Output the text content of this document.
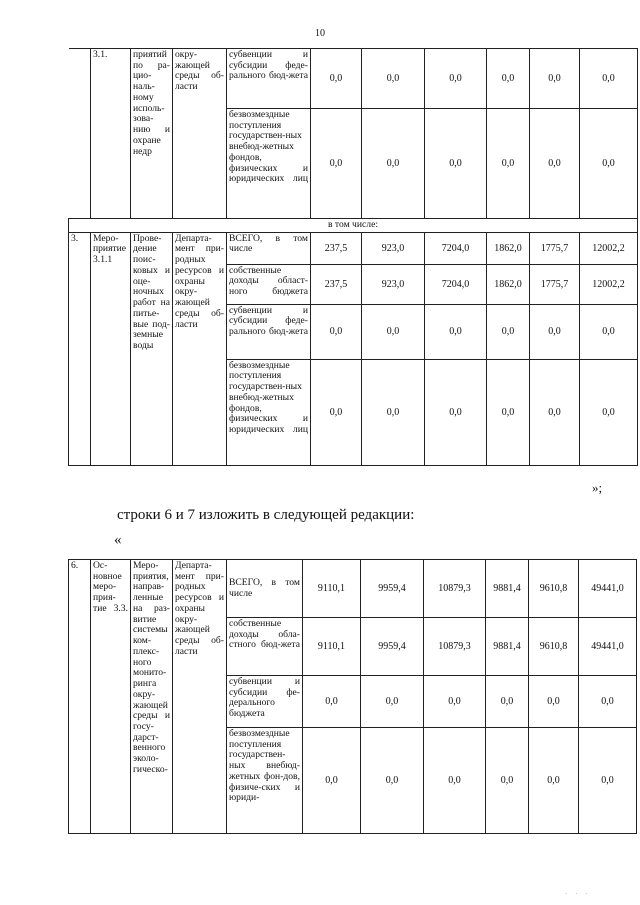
10
	3.1.	приятий по ра-цио-наль-ному исполь-зова-нию и охране недр	окру-жающей среды об-ласти	субвенции и субсидии феде-рального бюд-жета	0,0	0,0	0,0	0,0	0,0	0,0
				безвозмездные поступления государствен-ных внебюд-жетных фондов, физических и юридических лиц	0,0	0,0	0,0	0,0	0,0	0,0
в том числе:										
3.	Меро-приятие 3.1.1	Прове-дение поис-ковых и оце-ночных работ на питье-вые под-земные воды	Департа-мент при-родных ресурсов и охраны окру-жающей среды об-ласти	ВСЕГО, в том числе	237,5	923,0	7204,0	1862,0	1775,7	12002,2
				собственные доходы област-ного бюджета	237,5	923,0	7204,0	1862,0	1775,7	12002,2
				субвенции и субсидии феде-рального бюд-жета	0,0	0,0	0,0	0,0	0,0	0,0
				безвозмездные поступления государствен-ных внебюд-жетных фондов, физических и юридических лиц	0,0	0,0	0,0	0,0	0,0	0,0
»;
строки 6 и 7 изложить в следующей редакции:
«
6.	Ос-новное меро-прия-тие 3.3.	Меро-приятия, направ-ленные на раз-витие системы ком-плекс-ного монито-ринга окру-жающей среды и госу-дарст-венного эколо-гическо-	Департа-мент при-родных ресурсов и охраны окру-жающей среды об-ласти	ВСЕГО, в том числе	9110,1	9959,4	10879,3	9881,4	9610,8	49441,0
				собственные доходы обла-стного бюд-жета	9110,1	9959,4	10879,3	9881,4	9610,8	49441,0
				субвенции и субсидии фе-дерального бюджета	0,0	0,0	0,0	0,0	0,0	0,0
				безвозмездные поступления государствен-ных внебюд-жетных фон-дов, физиче-ских и юриди-	0,0	0,0	0,0	0,0	0,0	0,0
· · ·
